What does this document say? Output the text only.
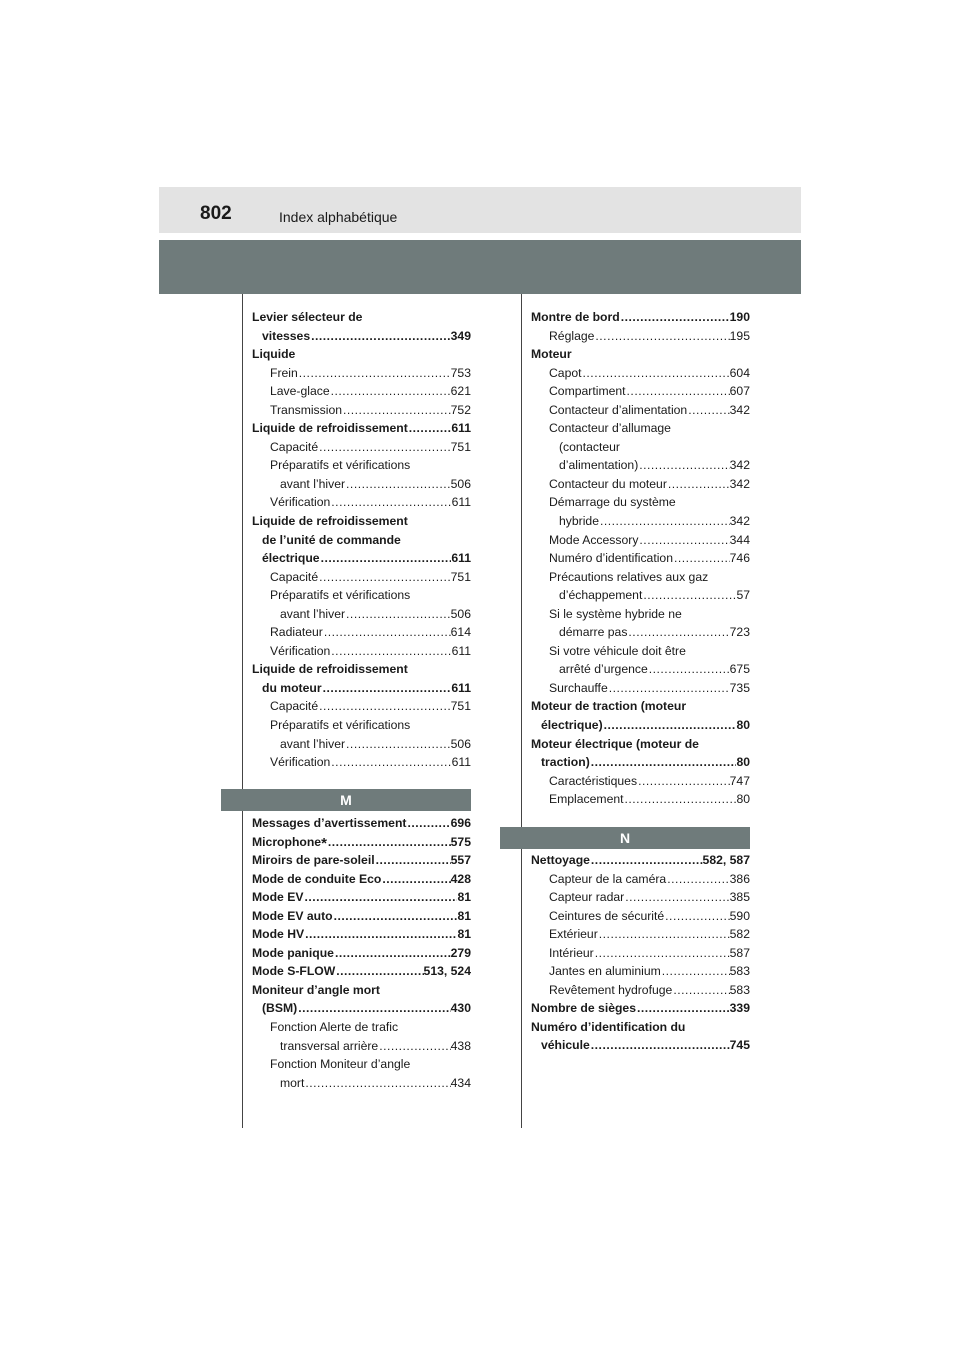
802	Index alphabétique
Levier sélecteur de
vitesses .....	349
Liquide
Frein .....	753
Lave-glace .....	621
Transmission .....	752
Liquide de refroidissement .....	611
Capacité .....	751
Préparatifs et vérifications
avant l’hiver .....	506
Vérification .....	611
Liquide de refroidissement
de l’unité de commande
électrique .....	611
Capacité .....	751
Préparatifs et vérifications
avant l’hiver .....	506
Radiateur .....	614
Vérification .....	611
Liquide de refroidissement
du moteur .....	611
Capacité .....	751
Préparatifs et vérifications
avant l’hiver .....	506
Vérification .....	611
M
Messages d’avertissement .....	696
Microphone* .....	575
Miroirs de pare-soleil .....	557
Mode de conduite Eco .....	428
Mode EV .....	81
Mode EV auto .....	81
Mode HV .....	81
Mode panique .....	279
Mode S-FLOW .....	513, 524
Moniteur d’angle mort
(BSM) .....	430
Fonction Alerte de trafic
transversal arrière .....	438
Fonction Moniteur d’angle
mort .....	434
Montre de bord .....	190
Réglage .....	195
Moteur
Capot .....	604
Compartiment .....	607
Contacteur d’alimentation .....	342
Contacteur d’allumage
(contacteur
d’alimentation) .....	342
Contacteur du moteur .....	342
Démarrage du système
hybride .....	342
Mode Accessory .....	344
Numéro d’identification .....	746
Précautions relatives aux gaz
d’échappement .....	57
Si le système hybride ne
démarre pas .....	723
Si votre véhicule doit être
arrêté d’urgence .....	675
Surchauffe .....	735
Moteur de traction (moteur
électrique) .....	80
Moteur électrique (moteur de
traction) .....	80
Caractéristiques .....	747
Emplacement .....	80
N
Nettoyage .....	582, 587
Capteur de la caméra .....	386
Capteur radar .....	385
Ceintures de sécurité .....	590
Extérieur .....	582
Intérieur .....	587
Jantes en aluminium .....	583
Revêtement hydrofuge .....	583
Nombre de sièges .....	339
Numéro d’identification du
véhicule .....	745
